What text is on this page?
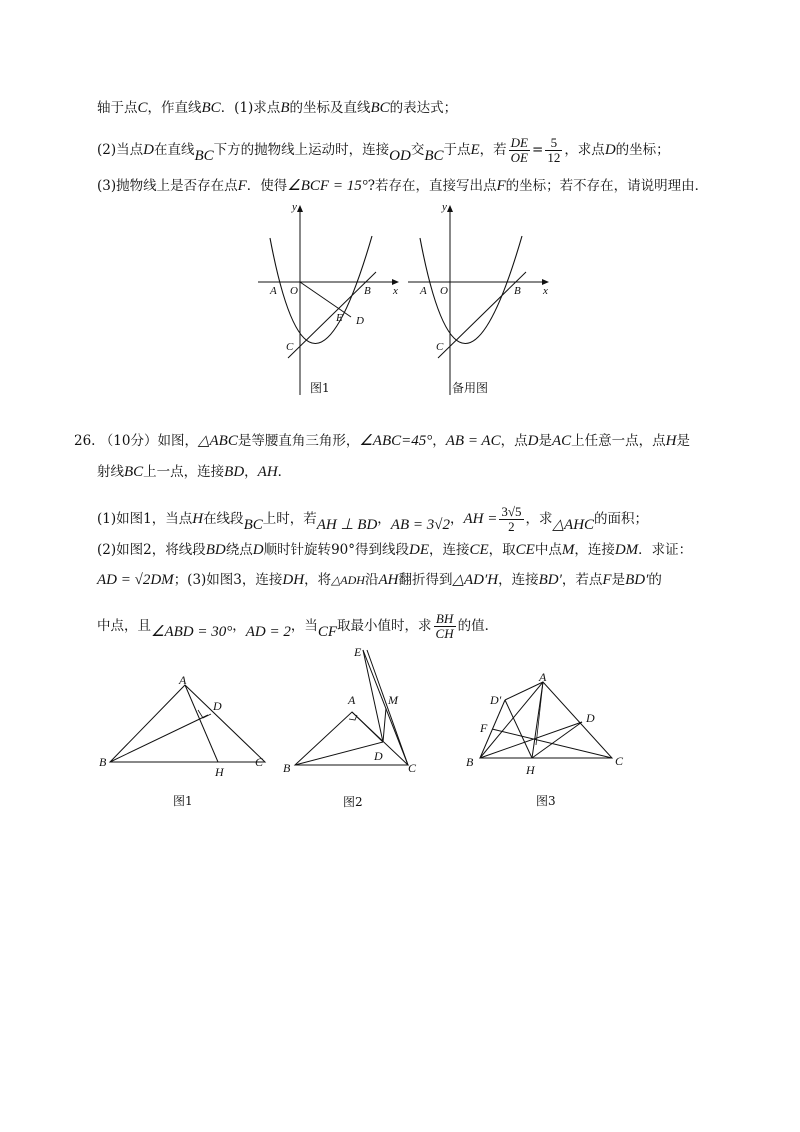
轴于点C，作直线BC．(1)求点B的坐标及直线BC的表达式；
(2)当点D在直线BC下方的抛物线上运动时，连接OD交BC于点E，若 $\frac{DE}{OE} = \frac{5}{12}$ ，求点D的坐标；
(3)抛物线上是否存在点F．使得∠BCF = 15°?若存在，直接写出点F的坐标；若不存在，请说明理由．
y
x
A O	B
C
E D
图1
y
x
A O	B
C
备用图
26. （10分）如图，△ABC是等腰直角三角形，∠ABC=45°，AB = AC，点D是AC上任意一点，点H是
射线BC上一点，连接BD，AH．
(1)如图1，当点H在线段BC上时，若AH ⊥ BD，AB = 3√2，AH = $\frac{3√5}{2}$ ，求△AHC的面积；
(2)如图2，将线段BD绕点D顺时针旋转90°得到线段DE，连接CE，取CE中点M，连接DM．求证：
AD = √2DM；(3)如图3，连接DH，将△ADH沿AH翻折得到△AD′H，连接BD′，若点F是BD′的
中点，且∠ABD = 30°，AD = 2，当CF取最小值时，求 $\frac{BH}{CH}$ 的值．
A
D
B	C
H
图1
A
E
M
D
B	C
图2
A
D′
D
F
B
H
C
图3
